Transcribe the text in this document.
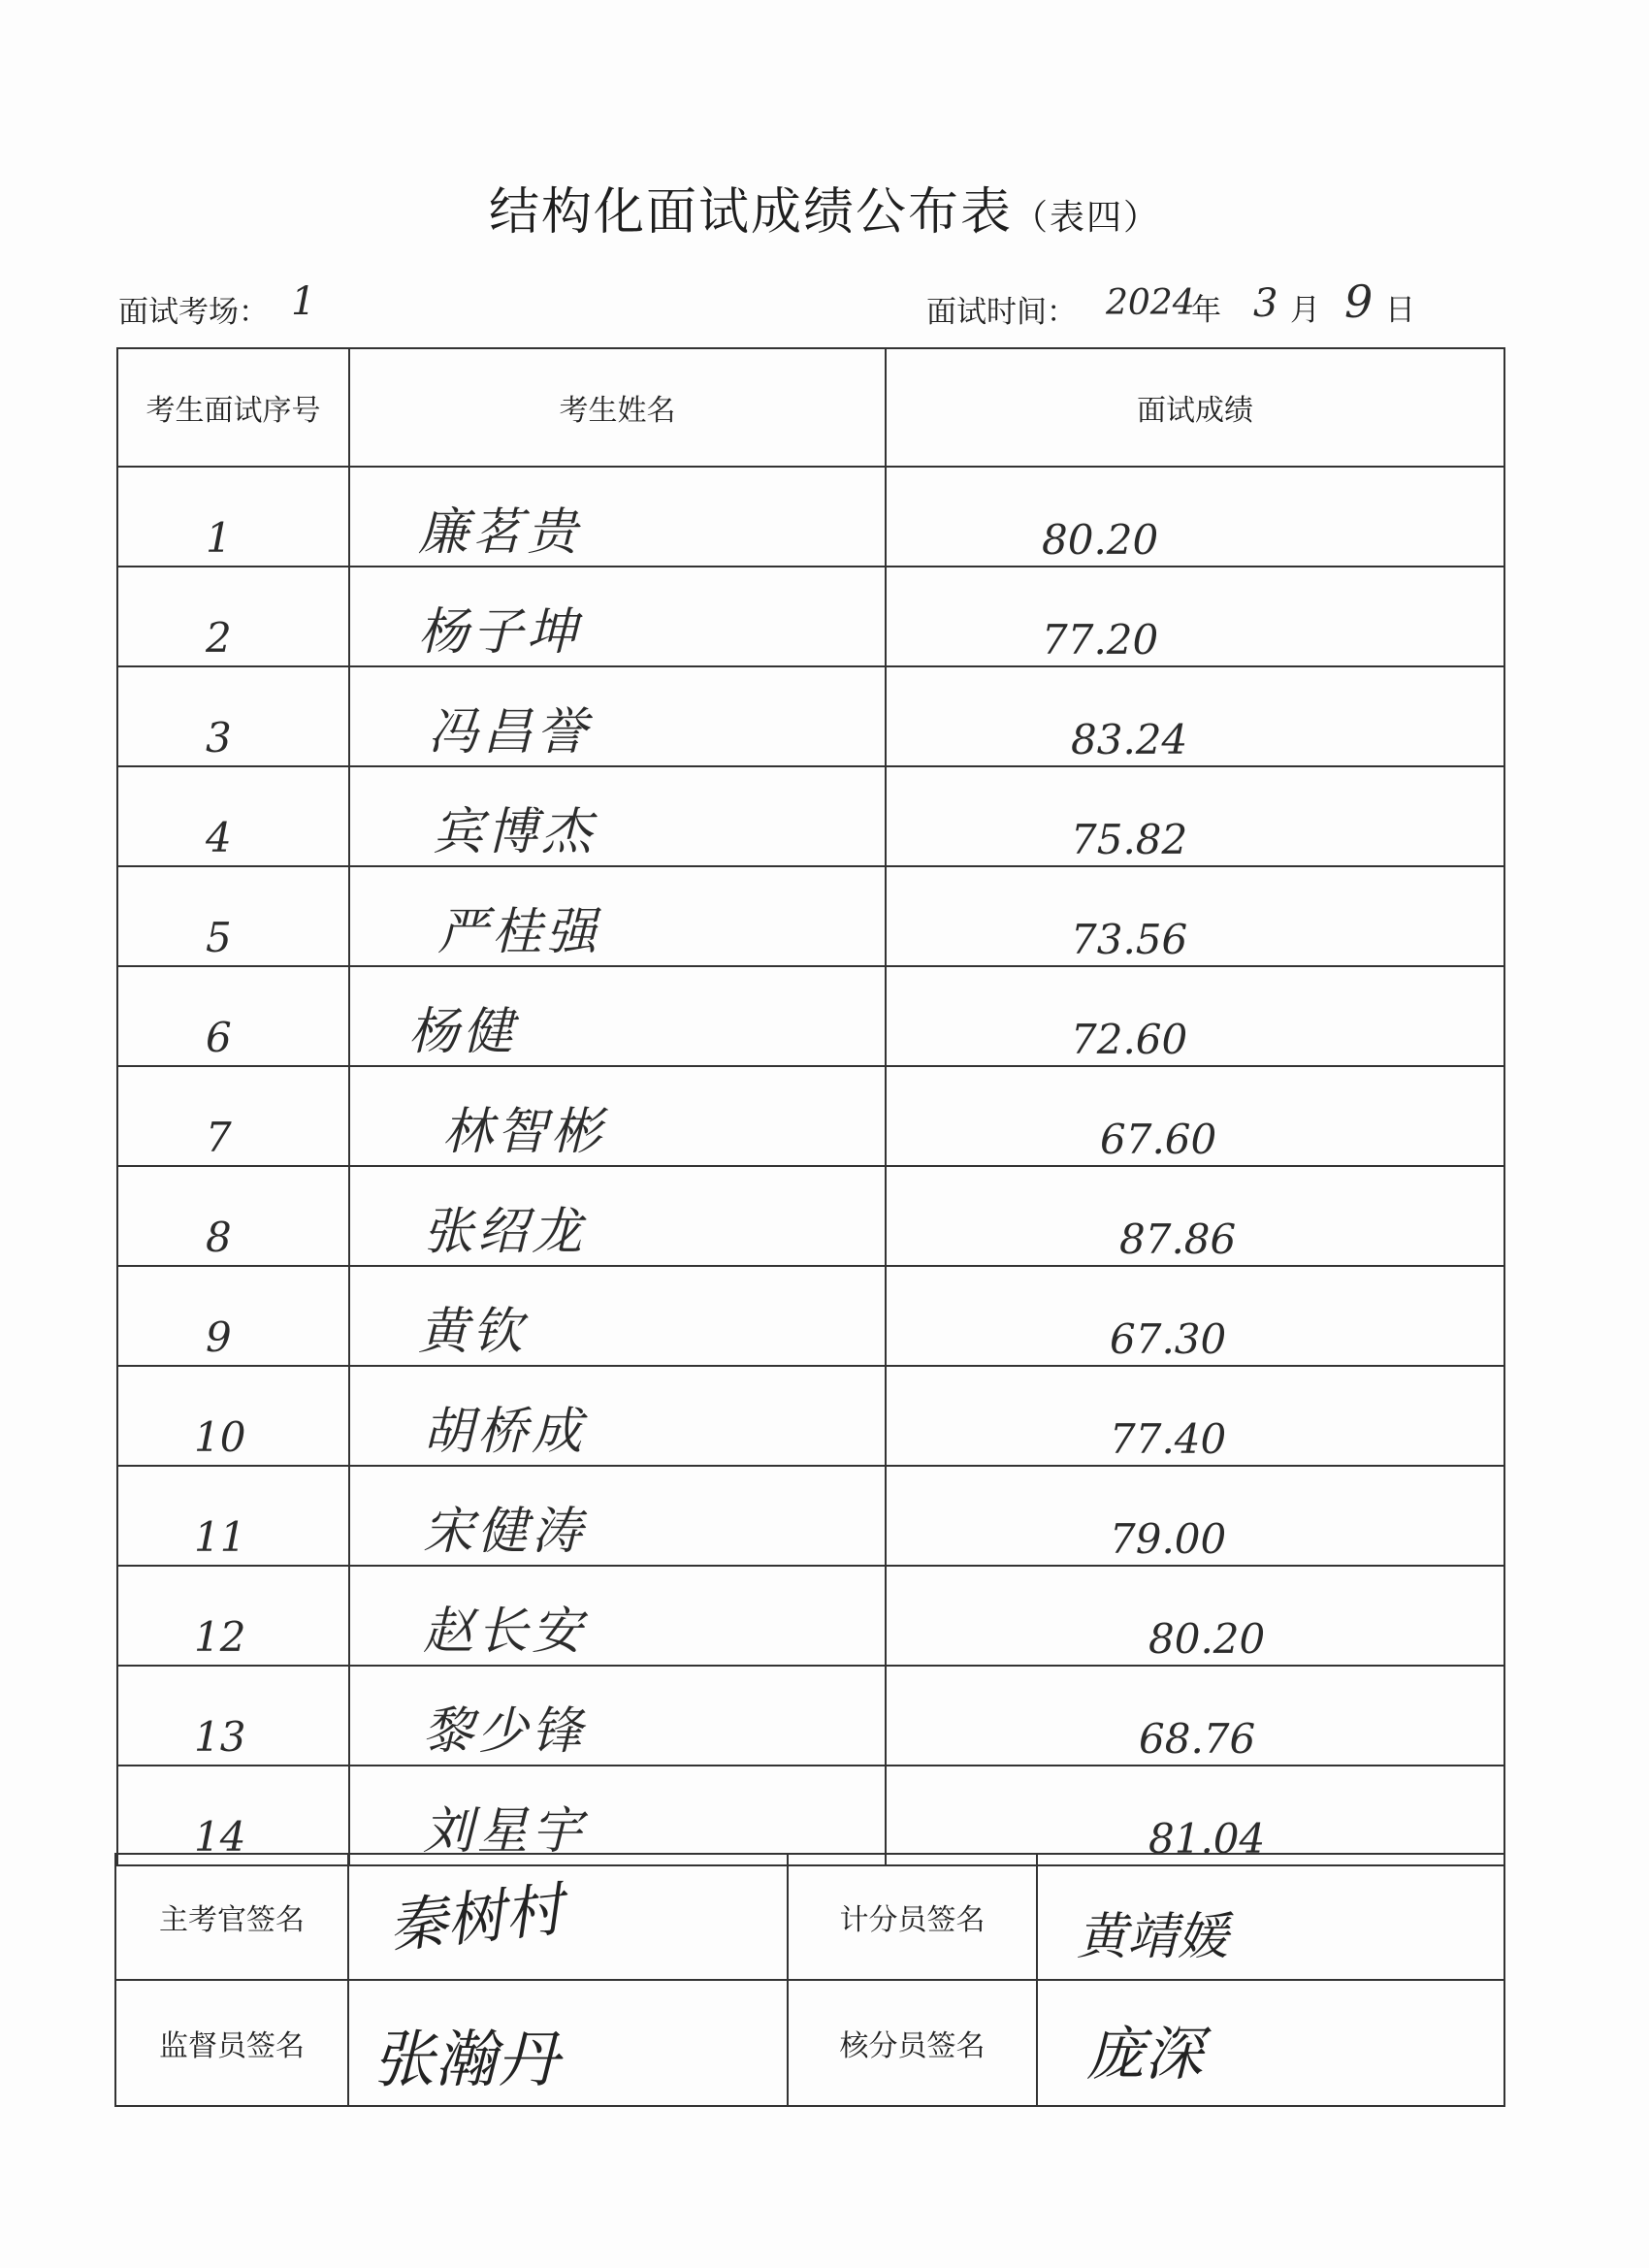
结构化面试成绩公布表（表四）
面试考场： 1	面试时间： 2024
年 3 月 9 日
考生面试序号	考生姓名	面试成绩

1	廉茗贵	80.20

2	杨子坤	77.20

3	冯昌誉	83.24

4	宾博杰	75.82

5	严桂强	73.56

6	杨健	72.60

7	林智彬	67.60

8	张绍龙	87.86

9	黄钦	67.30

10	胡桥成	77.40

11	宋健涛	79.00

12	赵长安	80.20

13	黎少锋	68.76

14	刘星宇	81.04
主考官签名	秦树村	计分员签名	黄靖媛

监督员签名	张瀚丹	核分员签名	庞深
